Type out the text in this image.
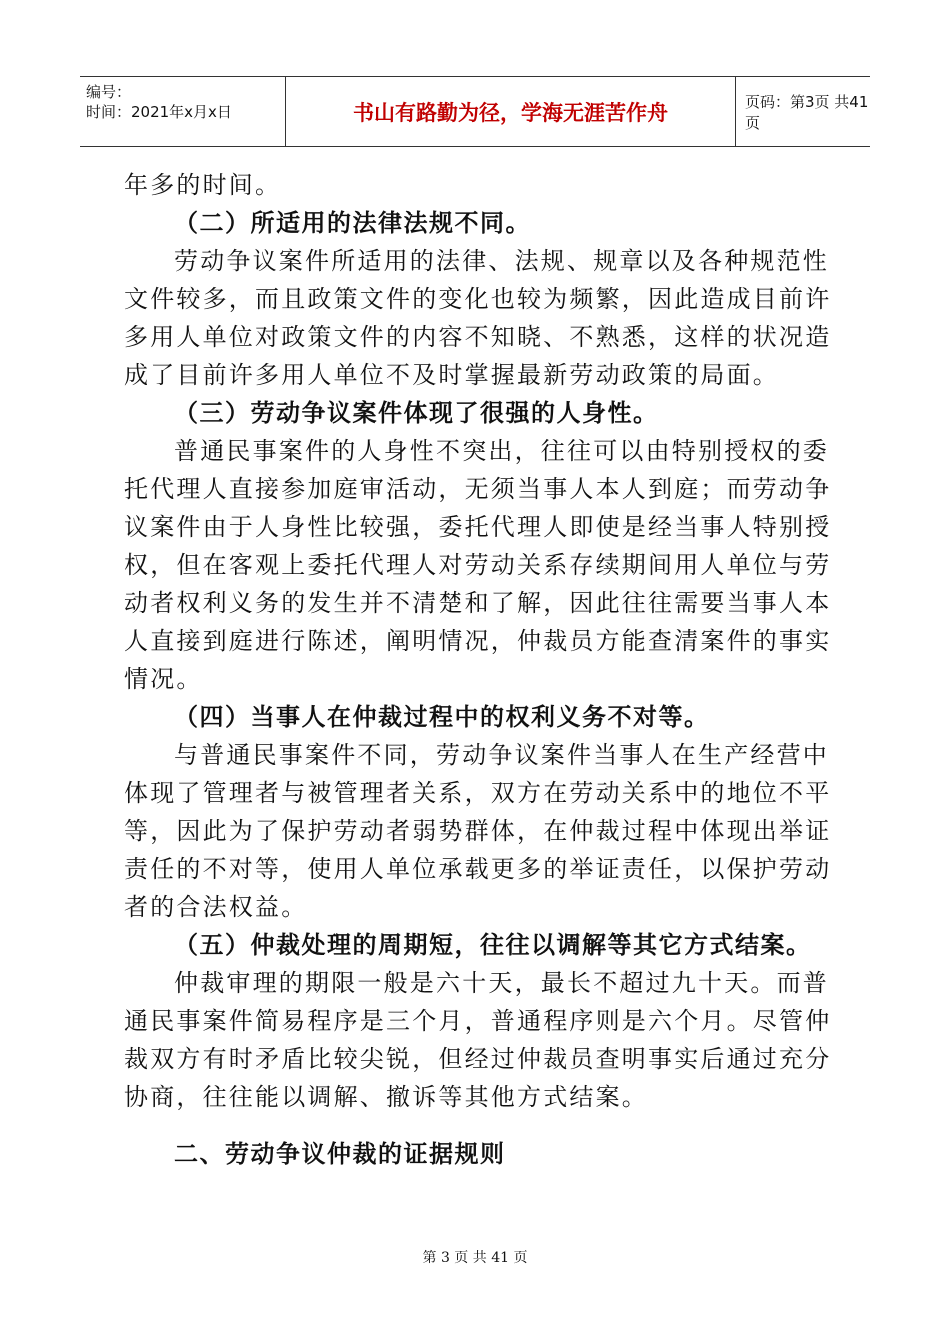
编号：
时间：2021年x月x日	书山有路勤为径，学海无涯苦作舟	页码：第3页 共41页
年多的时间。
（二）所适用的法律法规不同。
劳动争议案件所适用的法律、法规、规章以及各种规范性
文件较多，而且政策文件的变化也较为频繁，因此造成目前许
多用人单位对政策文件的内容不知晓、不熟悉，这样的状况造
成了目前许多用人单位不及时掌握最新劳动政策的局面。
（三）劳动争议案件体现了很强的人身性。
普通民事案件的人身性不突出，往往可以由特别授权的委
托代理人直接参加庭审活动，无须当事人本人到庭；而劳动争
议案件由于人身性比较强，委托代理人即使是经当事人特别授
权，但在客观上委托代理人对劳动关系存续期间用人单位与劳
动者权利义务的发生并不清楚和了解，因此往往需要当事人本
人直接到庭进行陈述，阐明情况，仲裁员方能查清案件的事实
情况。
（四）当事人在仲裁过程中的权利义务不对等。
与普通民事案件不同，劳动争议案件当事人在生产经营中
体现了管理者与被管理者关系，双方在劳动关系中的地位不平
等，因此为了保护劳动者弱势群体，在仲裁过程中体现出举证
责任的不对等，使用人单位承载更多的举证责任，以保护劳动
者的合法权益。
（五）仲裁处理的周期短，往往以调解等其它方式结案。
仲裁审理的期限一般是六十天，最长不超过九十天。而普
通民事案件简易程序是三个月，普通程序则是六个月。尽管仲
裁双方有时矛盾比较尖锐，但经过仲裁员查明事实后通过充分
协商，往往能以调解、撤诉等其他方式结案。
二、劳动争议仲裁的证据规则
第 3 页 共 41 页
